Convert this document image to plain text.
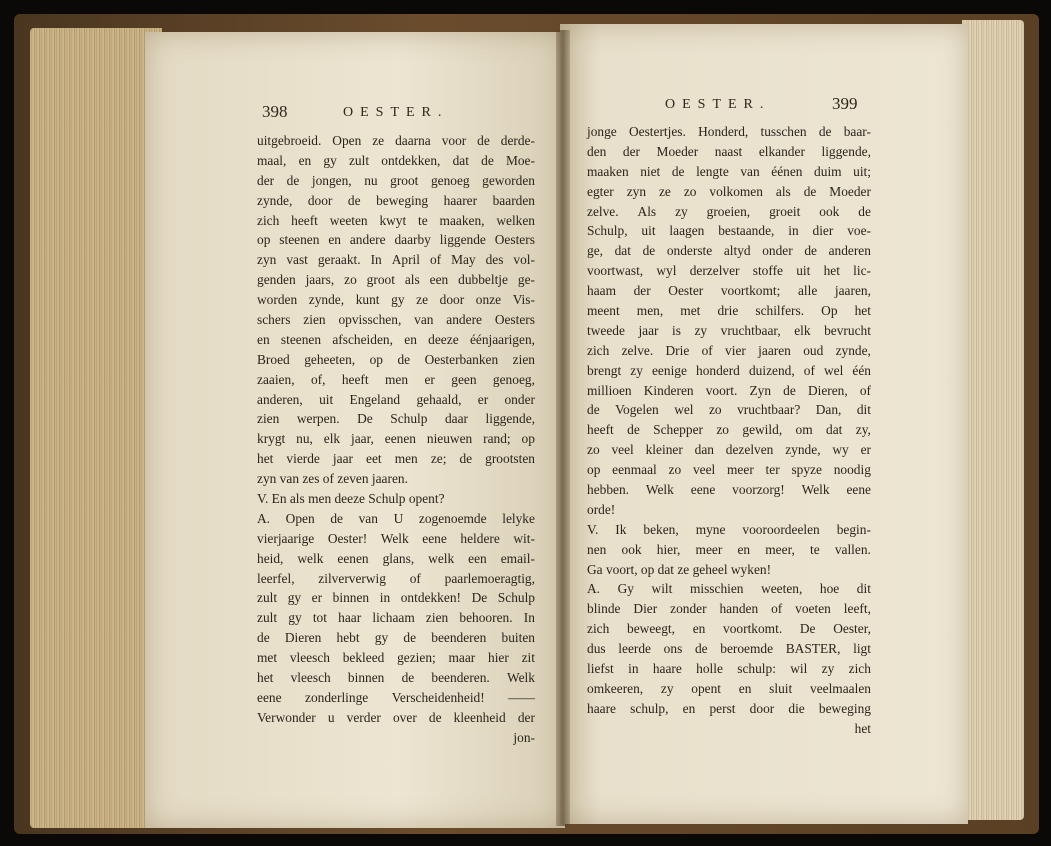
398	OESTER.
uitgebroeid. Open ze daarna voor de derde-
maal, en gy zult ontdekken, dat de Moe-
der de jongen, nu groot genoeg geworden
zynde, door de beweging haarer baarden
zich heeft weeten kwyt te maaken, welken
op steenen en andere daarby liggende Oesters
zyn vast geraakt. In April of May des vol-
genden jaars, zo groot als een dubbeltje ge-
worden zynde, kunt gy ze door onze Vis-
schers zien opvisschen, van andere Oesters
en steenen afscheiden, en deeze éénjaarigen,
Broed geheeten, op de Oesterbanken zien
zaaien, of, heeft men er geen genoeg,
anderen, uit Engeland gehaald, er onder
zien werpen. De Schulp daar liggende,
krygt nu, elk jaar, eenen nieuwen rand; op
het vierde jaar eet men ze; de grootsten
zyn van zes of zeven jaaren.
V. En als men deeze Schulp opent?
A. Open de van U zogenoemde lelyke
vierjaarige Oester! Welk eene heldere wit-
heid, welk eenen glans, welk een email-
leerfel, zilververwig of paarlemoeragtig,
zult gy er binnen in ontdekken! De Schulp
zult gy tot haar lichaam zien behooren. In
de Dieren hebt gy de beenderen buiten
met vleesch bekleed gezien; maar hier zit
het vleesch binnen de beenderen. Welk
eene zonderlinge Verscheidenheid! ——
Verwonder u verder over de kleenheid der
jon-
OESTER.	399
jonge Oestertjes. Honderd, tusschen de baar-
den der Moeder naast elkander liggende,
maaken niet de lengte van éénen duim uit;
egter zyn ze zo volkomen als de Moeder
zelve. Als zy groeien, groeit ook de
Schulp, uit laagen bestaande, in dier voe-
ge, dat de onderste altyd onder de anderen
voortwast, wyl derzelver stoffe uit het lic-
haam der Oester voortkomt; alle jaaren,
meent men, met drie schilfers. Op het
tweede jaar is zy vruchtbaar, elk bevrucht
zich zelve. Drie of vier jaaren oud zynde,
brengt zy eenige honderd duizend, of wel één
millioen Kinderen voort. Zyn de Dieren, of
de Vogelen wel zo vruchtbaar? Dan, dit
heeft de Schepper zo gewild, om dat zy,
zo veel kleiner dan dezelven zynde, wy er
op eenmaal zo veel meer ter spyze noodig
hebben. Welk eene voorzorg! Welk eene
orde!
V. Ik beken, myne vooroordeelen begin-
nen ook hier, meer en meer, te vallen.
Ga voort, op dat ze geheel wyken!
A. Gy wilt misschien weeten, hoe dit
blinde Dier zonder handen of voeten leeft,
zich beweegt, en voortkomt. De Oester,
dus leerde ons de beroemde BASTER, ligt
liefst in haare holle schulp: wil zy zich
omkeeren, zy opent en sluit veelmaalen
haare schulp, en perst door die beweging
het
